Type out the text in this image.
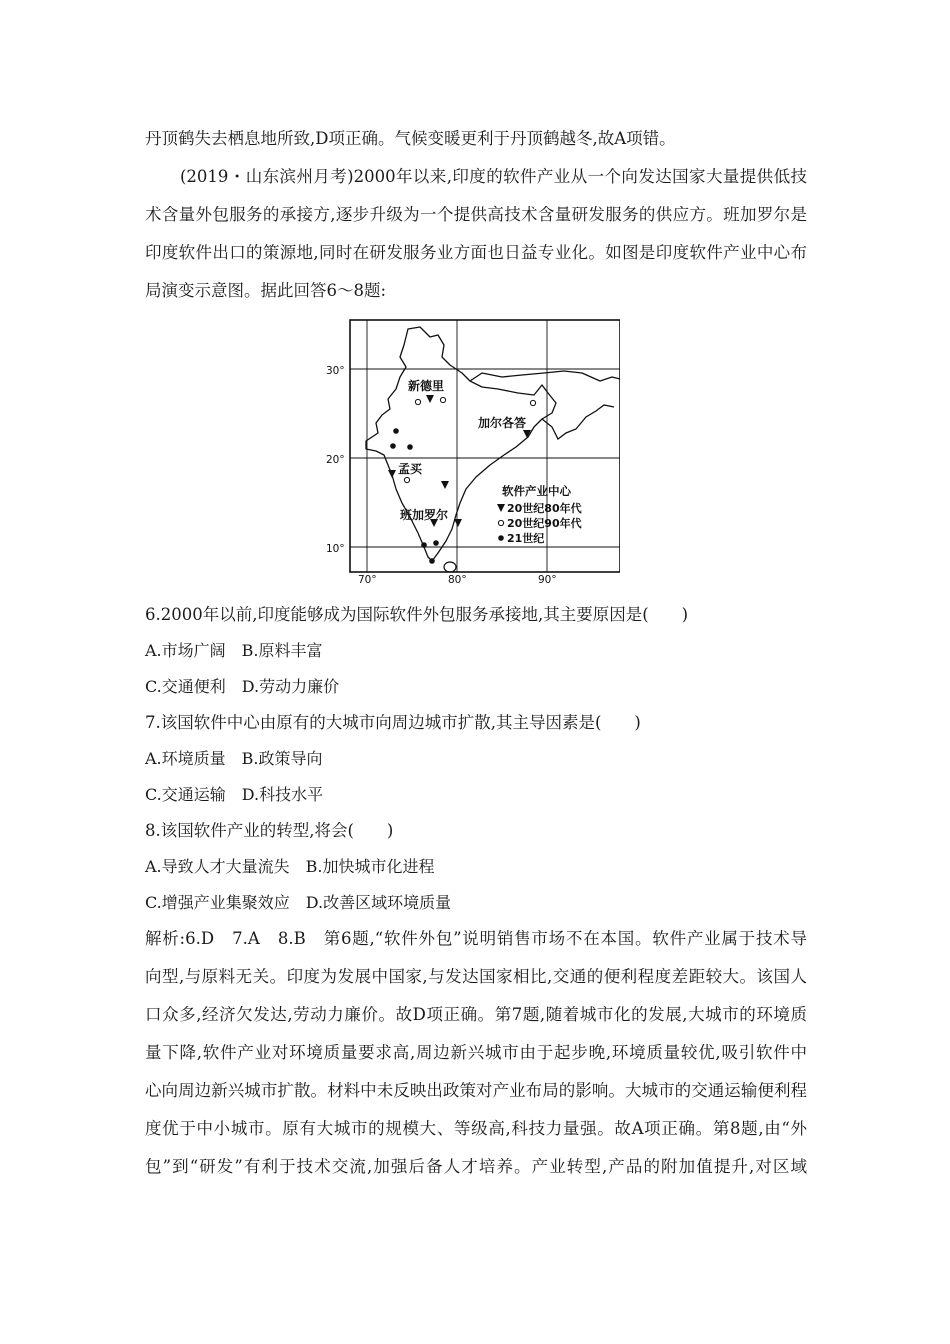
丹顶鹤失去栖息地所致,D项正确。气候变暖更利于丹顶鹤越冬,故A项错。
(2019・山东滨州月考)2000年以来,印度的软件产业从一个向发达国家大量提供低技
术含量外包服务的承接方,逐步升级为一个提供高技术含量研发服务的供应方。班加罗尔是
印度软件出口的策源地,同时在研发服务业方面也日益专业化。如图是印度软件产业中心布
局演变示意图。据此回答6～8题:
30°
20°
10°
70°	80°	90°
新德里
加尔各答
孟买
班加罗尔
软件产业中心
20世纪80年代
20世纪90年代
21世纪
6.2000年以前,印度能够成为国际软件外包服务承接地,其主要原因是(　　)
A.市场广阔　B.原料丰富
C.交通便利　D.劳动力廉价
7.该国软件中心由原有的大城市向周边城市扩散,其主导因素是(　　)
A.环境质量　B.政策导向
C.交通运输　D.科技水平
8.该国软件产业的转型,将会(　　)
A.导致人才大量流失　B.加快城市化进程
C.增强产业集聚效应　D.改善区域环境质量
解析:6.D　7.A　8.B　第6题,“软件外包”说明销售市场不在本国。软件产业属于技术导
向型,与原料无关。印度为发展中国家,与发达国家相比,交通的便利程度差距较大。该国人
口众多,经济欠发达,劳动力廉价。故D项正确。第7题,随着城市化的发展,大城市的环境质
量下降,软件产业对环境质量要求高,周边新兴城市由于起步晚,环境质量较优,吸引软件中
心向周边新兴城市扩散。材料中未反映出政策对产业布局的影响。大城市的交通运输便利程
度优于中小城市。原有大城市的规模大、等级高,科技力量强。故A项正确。第8题,由“外
包”到“研发”有利于技术交流,加强后备人才培养。产业转型,产品的附加值提升,对区域
